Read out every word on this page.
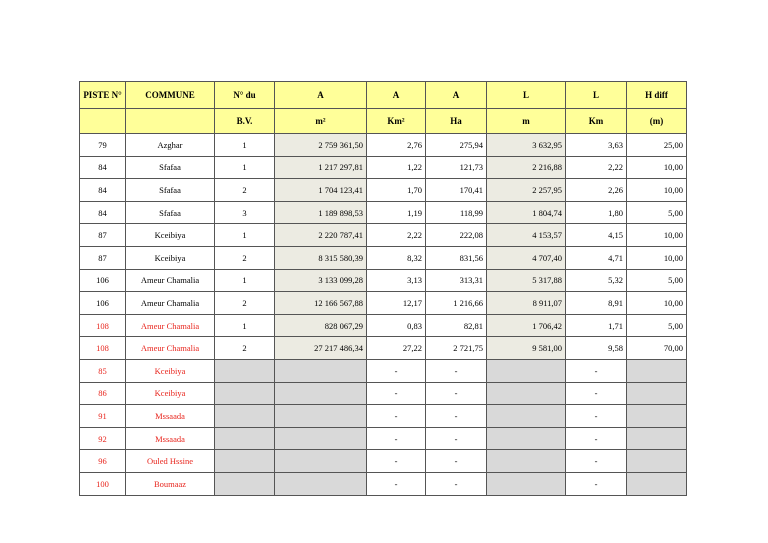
PISTE N°	COMMUNE	N° du	A	A	A	L	L	H diff
		B.V.	m²	Km²	Ha	m	Km	(m)
79	Azghar	1	2 759 361,50	2,76	275,94	3 632,95	3,63	25,00
84	Sfafaa	1	1 217 297,81	1,22	121,73	2 216,88	2,22	10,00
84	Sfafaa	2	1 704 123,41	1,70	170,41	2 257,95	2,26	10,00
84	Sfafaa	3	1 189 898,53	1,19	118,99	1 804,74	1,80	5,00
87	Kceibiya	1	2 220 787,41	2,22	222,08	4 153,57	4,15	10,00
87	Kceibiya	2	8 315 580,39	8,32	831,56	4 707,40	4,71	10,00
106	Ameur Chamalia	1	3 133 099,28	3,13	313,31	5 317,88	5,32	5,00
106	Ameur Chamalia	2	12 166 567,88	12,17	1 216,66	8 911,07	8,91	10,00
108	Ameur Chamalia	1	828 067,29	0,83	82,81	1 706,42	1,71	5,00
108	Ameur Chamalia	2	27 217 486,34	27,22	2 721,75	9 581,00	9,58	70,00
85	Kceibiya			-	-		-	
86	Kceibiya			-	-		-	
91	Mssaada			-	-		-	
92	Mssaada			-	-		-	
96	Ouled Hssine			-	-		-	
100	Boumaaz			-	-		-	
